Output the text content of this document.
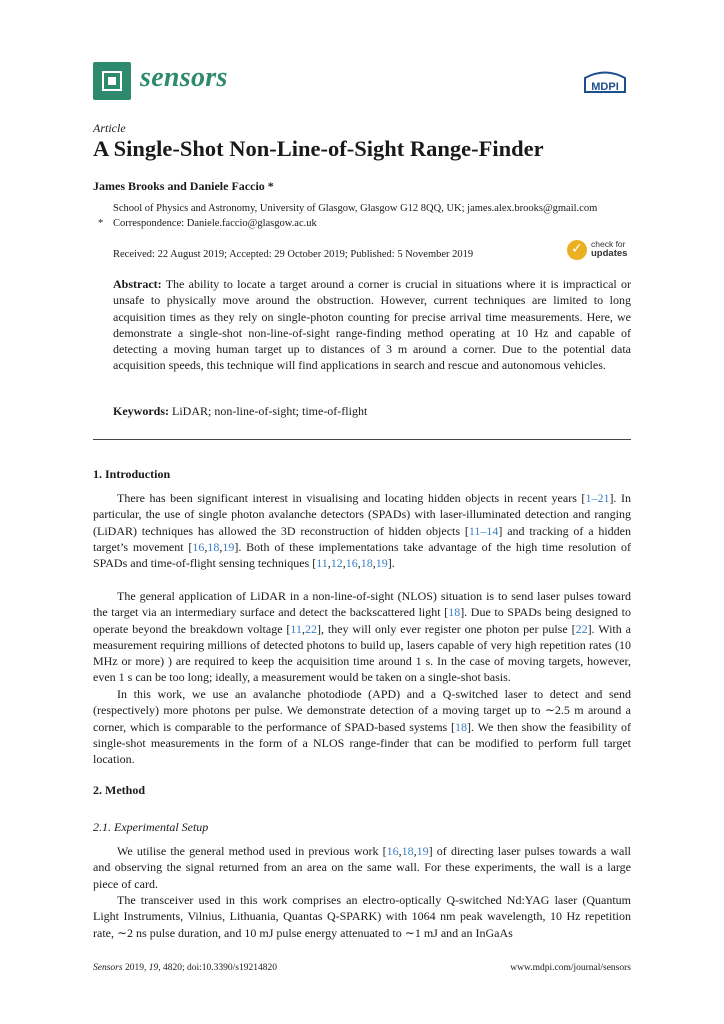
sensors	MDPI
Article
A Single-Shot Non-Line-of-Sight Range-Finder
James Brooks and Daniele Faccio *
School of Physics and Astronomy, University of Glasgow, Glasgow G12 8QQ, UK; james.alex.brooks@gmail.com
* Correspondence: Daniele.faccio@glasgow.ac.uk
Received: 22 August 2019; Accepted: 29 October 2019; Published: 5 November 2019
✓
check for
updates
Abstract: The ability to locate a target around a corner is crucial in situations where it is impractical or unsafe to physically move around the obstruction. However, current techniques are limited to long acquisition times as they rely on single-photon counting for precise arrival time measurements. Here, we demonstrate a single-shot non-line-of-sight range-finding method operating at 10 Hz and capable of detecting a moving human target up to distances of 3 m around a corner. Due to the potential data acquisition speeds, this technique will find applications in search and rescue and autonomous vehicles.
Keywords: LiDAR; non-line-of-sight; time-of-flight
1. Introduction
There has been significant interest in visualising and locating hidden objects in recent years [1–21]. In particular, the use of single photon avalanche detectors (SPADs) with laser-illuminated detection and ranging (LiDAR) techniques has allowed the 3D reconstruction of hidden objects [11–14] and tracking of a hidden target’s movement [16,18,19]. Both of these implementations take advantage of the high time resolution of SPADs and time-of-flight sensing techniques [11,12,16,18,19].
The general application of LiDAR in a non-line-of-sight (NLOS) situation is to send laser pulses toward the target via an intermediary surface and detect the backscattered light [18]. Due to SPADs being designed to operate beyond the breakdown voltage [11,22], they will only ever register one photon per pulse [22]. With a measurement requiring millions of detected photons to build up, lasers capable of very high repetition rates (10 MHz or more) ) are required to keep the acquisition time around 1 s. In the case of moving targets, however, even 1 s can be too long; ideally, a measurement would be taken on a single-shot basis.
In this work, we use an avalanche photodiode (APD) and a Q-switched laser to detect and send (respectively) more photons per pulse. We demonstrate detection of a moving target up to ∼2.5 m around a corner, which is comparable to the performance of SPAD-based systems [18]. We then show the feasibility of single-shot measurements in the form of a NLOS range-finder that can be modified to perform full target location.
2. Method
2.1. Experimental Setup
We utilise the general method used in previous work [16,18,19] of directing laser pulses towards a wall and observing the signal returned from an area on the same wall. For these experiments, the wall is a large piece of card.
The transceiver used in this work comprises an electro-optically Q-switched Nd:YAG laser (Quantum Light Instruments, Vilnius, Lithuania, Quantas Q-SPARK) with 1064 nm peak wavelength, 10 Hz repetition rate, ∼2 ns pulse duration, and 10 mJ pulse energy attenuated to ∼1 mJ and an InGaAs
Sensors 2019, 19, 4820; doi:10.3390/s19214820	www.mdpi.com/journal/sensors
